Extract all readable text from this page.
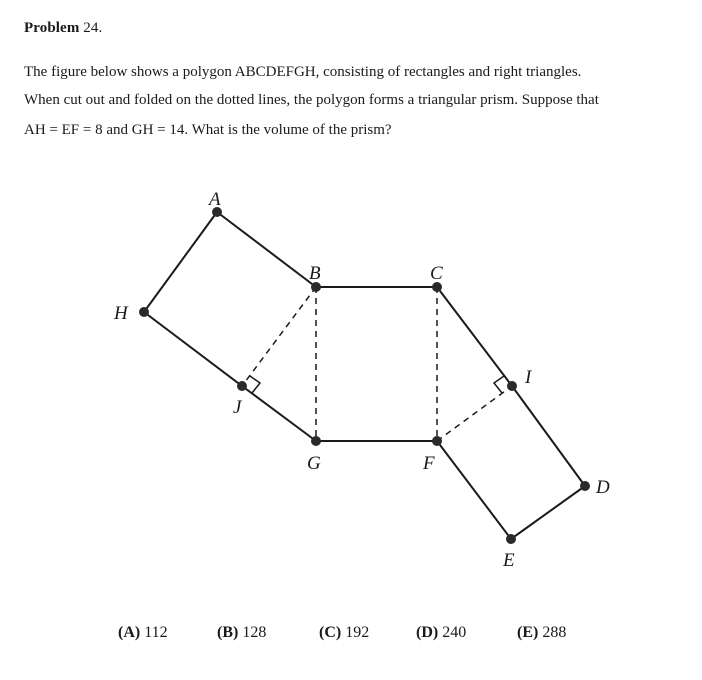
Problem 24.
The figure below shows a polygon ABCDEFGH, consisting of rectangles and right triangles.
When cut out and folded on the dotted lines, the polygon forms a triangular prism. Suppose that
AH = EF = 8 and GH = 14. What is the volume of the prism?
A
H
B	C
J
G	F
I
D
E
(A) 112	(B) 128	(C) 192	(D) 240	(E) 288
